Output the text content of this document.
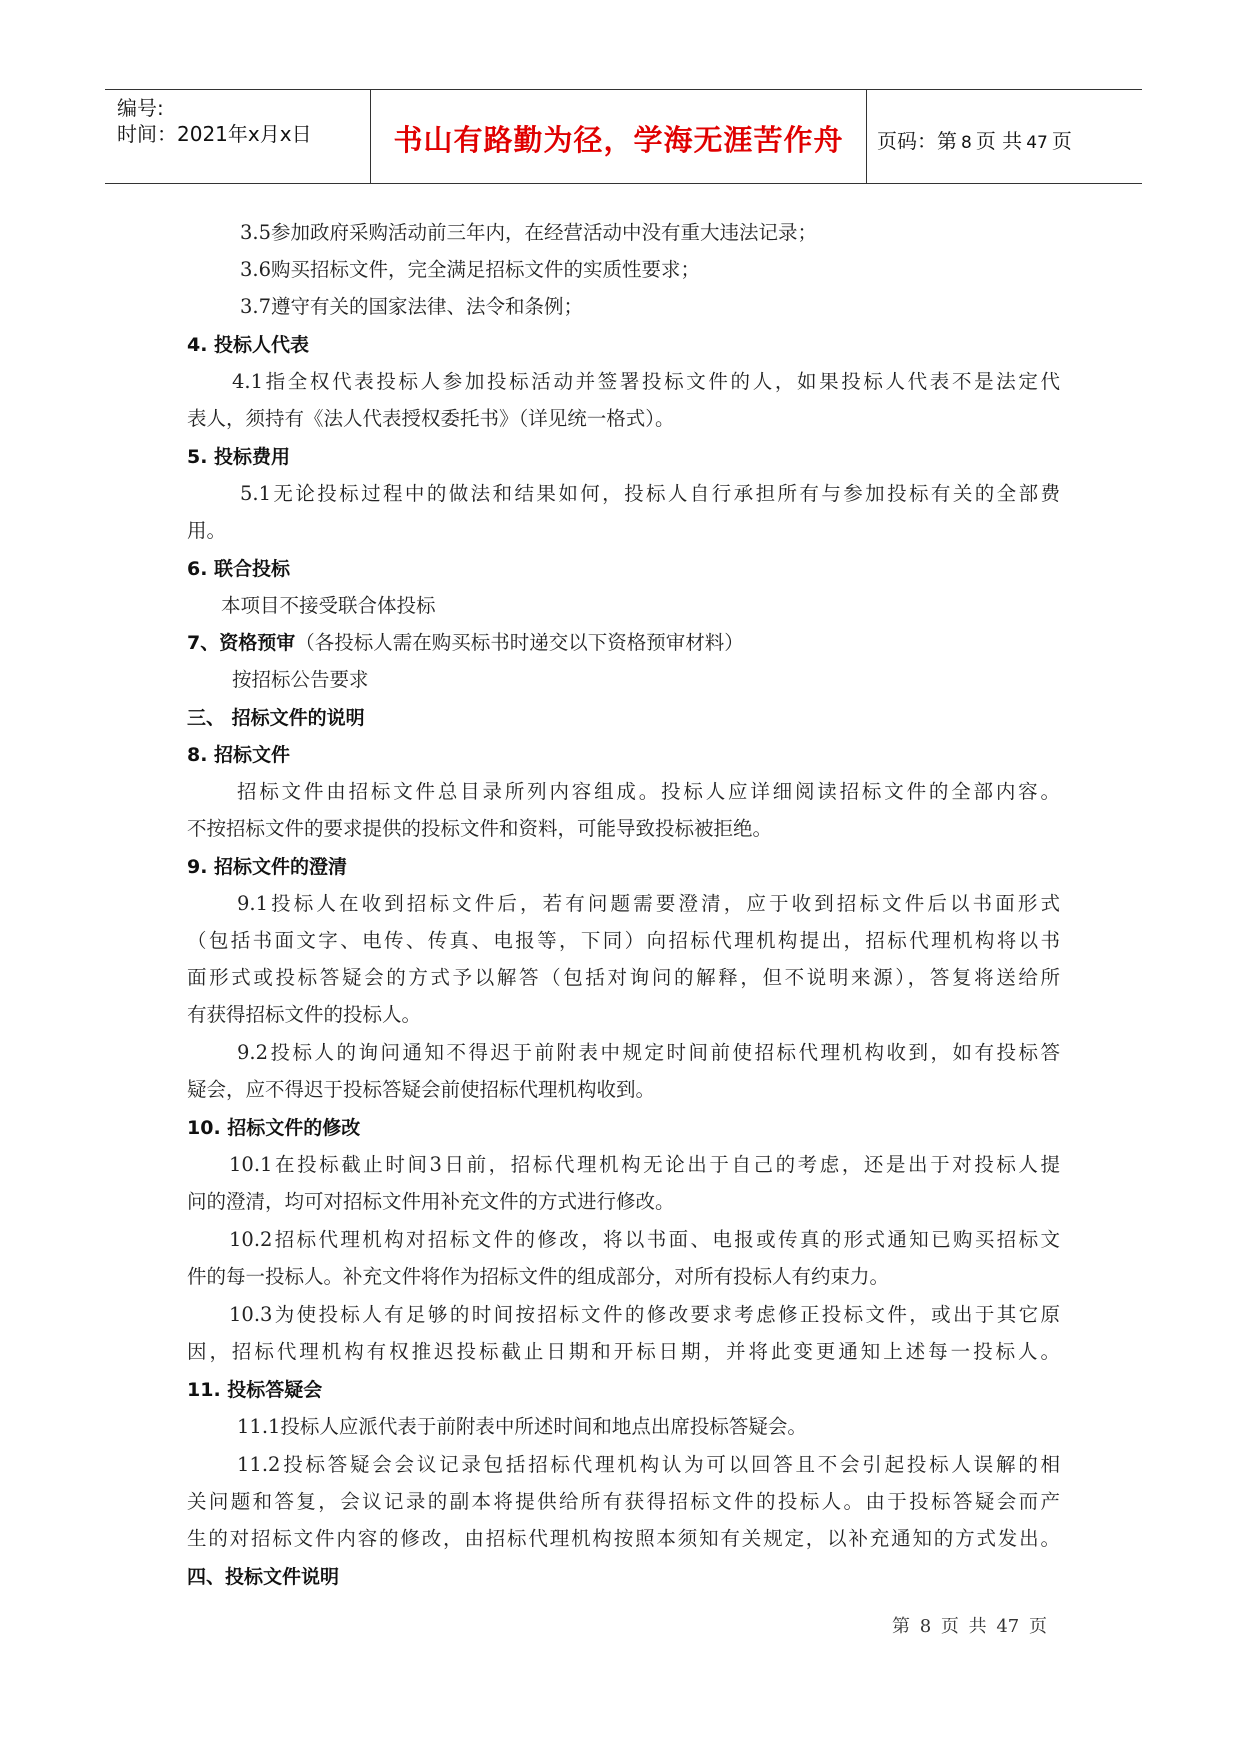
编号:
时间：2021年x月x日	书山有路勤为径，学海无涯苦作舟	页码：第 8 页 共 47 页
3.5参加政府采购活动前三年内，在经营活动中没有重大违法记录；
3.6购买招标文件，完全满足招标文件的实质性要求；
3.7遵守有关的国家法律、法令和条例；
4. 投标人代表
4.1指全权代表投标人参加投标活动并签署投标文件的人，如果投标人代表不是法定代
表人，须持有《法人代表授权委托书》（详见统一格式）。
5. 投标费用
5.1无论投标过程中的做法和结果如何，投标人自行承担所有与参加投标有关的全部费
用。
6. 联合投标
本项目不接受联合体投标
7、资格预审（各投标人需在购买标书时递交以下资格预审材料）
按招标公告要求
三、 招标文件的说明
8. 招标文件
招标文件由招标文件总目录所列内容组成。投标人应详细阅读招标文件的全部内容。
不按招标文件的要求提供的投标文件和资料，可能导致投标被拒绝。
9. 招标文件的澄清
9.1投标人在收到招标文件后，若有问题需要澄清，应于收到招标文件后以书面形式
（包括书面文字、电传、传真、电报等，下同）向招标代理机构提出，招标代理机构将以书
面形式或投标答疑会的方式予以解答（包括对询问的解释，但不说明来源），答复将送给所
有获得招标文件的投标人。
9.2投标人的询问通知不得迟于前附表中规定时间前使招标代理机构收到，如有投标答
疑会，应不得迟于投标答疑会前使招标代理机构收到。
10. 招标文件的修改
10.1在投标截止时间3日前，招标代理机构无论出于自己的考虑，还是出于对投标人提
问的澄清，均可对招标文件用补充文件的方式进行修改。
10.2招标代理机构对招标文件的修改，将以书面、电报或传真的形式通知已购买招标文
件的每一投标人。补充文件将作为招标文件的组成部分，对所有投标人有约束力。
10.3为使投标人有足够的时间按招标文件的修改要求考虑修正投标文件，或出于其它原
因，招标代理机构有权推迟投标截止日期和开标日期，并将此变更通知上述每一投标人。
11. 投标答疑会
11.1投标人应派代表于前附表中所述时间和地点出席投标答疑会。
11.2投标答疑会会议记录包括招标代理机构认为可以回答且不会引起投标人误解的相
关问题和答复，会议记录的副本将提供给所有获得招标文件的投标人。由于投标答疑会而产
生的对招标文件内容的修改，由招标代理机构按照本须知有关规定，以补充通知的方式发出。
四、投标文件说明
第 8 页 共 47 页
